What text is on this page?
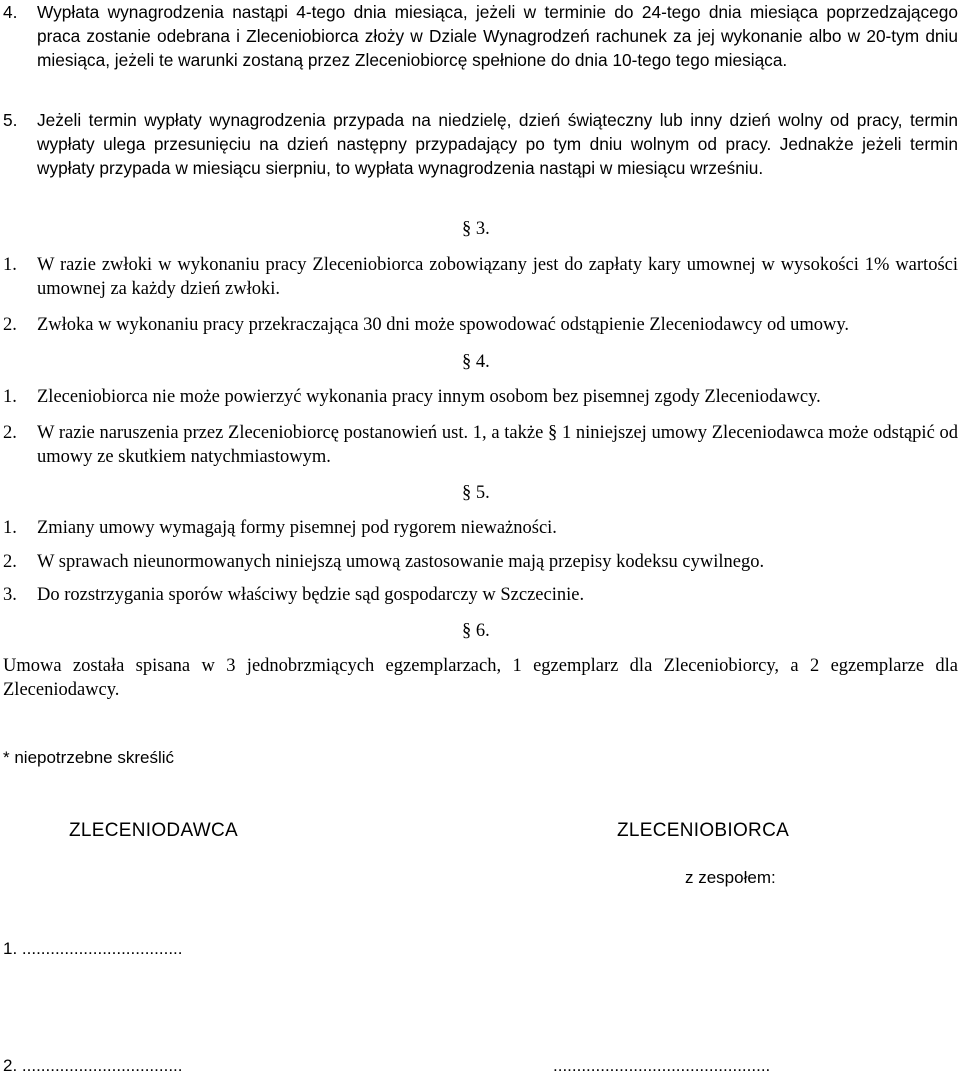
4. Wypłata wynagrodzenia nastąpi 4-tego dnia miesiąca, jeżeli w terminie do 24-tego dnia miesiąca poprzedzającego praca zostanie odebrana i Zleceniobiorca złoży w Dziale Wynagrodzeń rachunek za jej wykonanie albo w 20-tym dniu miesiąca, jeżeli te warunki zostaną przez Zleceniobiorcę spełnione do dnia 10-tego tego miesiąca.
5. Jeżeli termin wypłaty wynagrodzenia przypada na niedzielę, dzień świąteczny lub inny dzień wolny od pracy, termin wypłaty ulega przesunięciu na dzień następny przypadający po tym dniu wolnym od pracy. Jednakże jeżeli termin wypłaty przypada w miesiącu sierpniu, to wypłata wynagrodzenia nastąpi w miesiącu wrześniu.
§ 3.
1. W razie zwłoki w wykonaniu pracy Zleceniobiorca zobowiązany jest do zapłaty kary umownej w wysokości 1% wartości umownej za każdy dzień zwłoki.
2. Zwłoka w wykonaniu pracy przekraczająca 30 dni może spowodować odstąpienie Zleceniodawcy od umowy.
§ 4.
1. Zleceniobiorca nie może powierzyć wykonania pracy innym osobom bez pisemnej zgody Zleceniodawcy.
2. W razie naruszenia przez Zleceniobiorcę postanowień ust. 1, a także § 1 niniejszej umowy Zleceniodawca może odstąpić od umowy ze skutkiem natychmiastowym.
§ 5.
1. Zmiany umowy wymagają formy pisemnej pod rygorem nieważności.
2. W sprawach nieunormowanych niniejszą umową zastosowanie mają przepisy kodeksu cywilnego.
3. Do rozstrzygania sporów właściwy będzie sąd gospodarczy w Szczecinie.
§ 6.
Umowa została spisana w 3 jednobrzmiących egzemplarzach, 1 egzemplarz dla Zleceniobiorcy, a 2 egzemplarze dla Zleceniodawcy.
* niepotrzebne skreślić
ZLECENIODAWCA	ZLECENIOBIORCA
z zespołem:
1. ..................................
2. ..................................	..............................................
